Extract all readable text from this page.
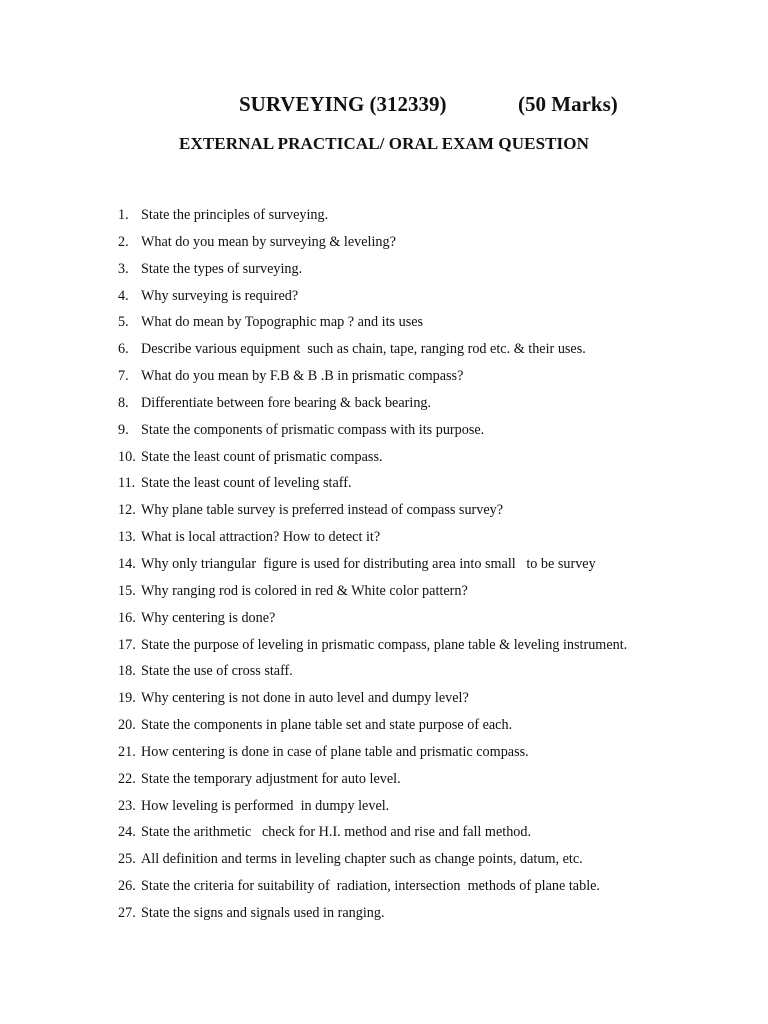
SURVEYING (312339)	(50 Marks)
EXTERNAL PRACTICAL/ ORAL EXAM QUESTION
1. State the principles of surveying.
2. What do you mean by surveying & leveling?
3. State the types of surveying.
4. Why surveying is required?
5. What do mean by Topographic map ? and its uses
6. Describe various equipment  such as chain, tape, ranging rod etc. & their uses.
7. What do you mean by F.B & B .B in prismatic compass?
8. Differentiate between fore bearing & back bearing.
9. State the components of prismatic compass with its purpose.
10. State the least count of prismatic compass.
11. State the least count of leveling staff.
12. Why plane table survey is preferred instead of compass survey?
13. What is local attraction? How to detect it?
14. Why only triangular  figure is used for distributing area into small   to be survey
15. Why ranging rod is colored in red & White color pattern?
16. Why centering is done?
17. State the purpose of leveling in prismatic compass, plane table & leveling instrument.
18. State the use of cross staff.
19. Why centering is not done in auto level and dumpy level?
20. State the components in plane table set and state purpose of each.
21. How centering is done in case of plane table and prismatic compass.
22. State the temporary adjustment for auto level.
23. How leveling is performed  in dumpy level.
24. State the arithmetic   check for H.I. method and rise and fall method.
25. All definition and terms in leveling chapter such as change points, datum, etc.
26. State the criteria for suitability of  radiation, intersection  methods of plane table.
27. State the signs and signals used in ranging.
